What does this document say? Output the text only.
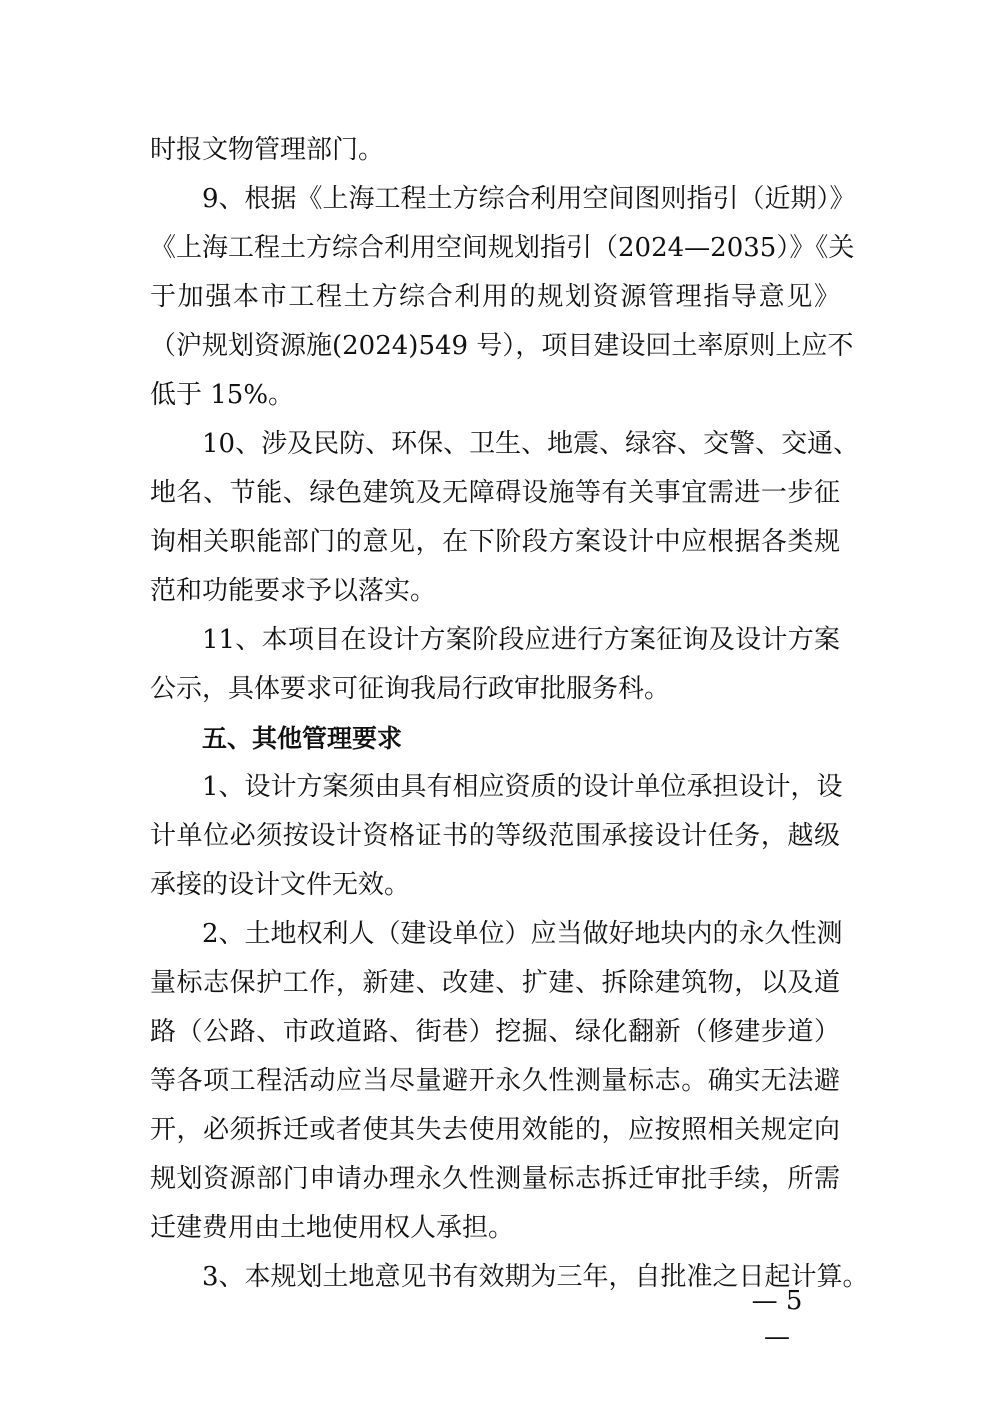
时报文物管理部门。
9、根据《上海工程土方综合利用空间图则指引（近期）》
《上海工程土方综合利用空间规划指引（2024—2035）》《关
于加强本市工程土方综合利用的规划资源管理指导意见》
（沪规划资源施(2024)549 号），项目建设回土率原则上应不
低于 15%。
10、涉及民防、环保、卫生、地震、绿容、交警、交通、
地名、节能、绿色建筑及无障碍设施等有关事宜需进一步征
询相关职能部门的意见，在下阶段方案设计中应根据各类规
范和功能要求予以落实。
11、本项目在设计方案阶段应进行方案征询及设计方案
公示，具体要求可征询我局行政审批服务科。
五、其他管理要求
1、设计方案须由具有相应资质的设计单位承担设计，设
计单位必须按设计资格证书的等级范围承接设计任务，越级
承接的设计文件无效。
2、土地权利人（建设单位）应当做好地块内的永久性测
量标志保护工作，新建、改建、扩建、拆除建筑物，以及道
路（公路、市政道路、街巷）挖掘、绿化翻新（修建步道）
等各项工程活动应当尽量避开永久性测量标志。确实无法避
开，必须拆迁或者使其失去使用效能的，应按照相关规定向
规划资源部门申请办理永久性测量标志拆迁审批手续，所需
迁建费用由土地使用权人承担。
3、本规划土地意见书有效期为三年，自批准之日起计算。
— 5 —
